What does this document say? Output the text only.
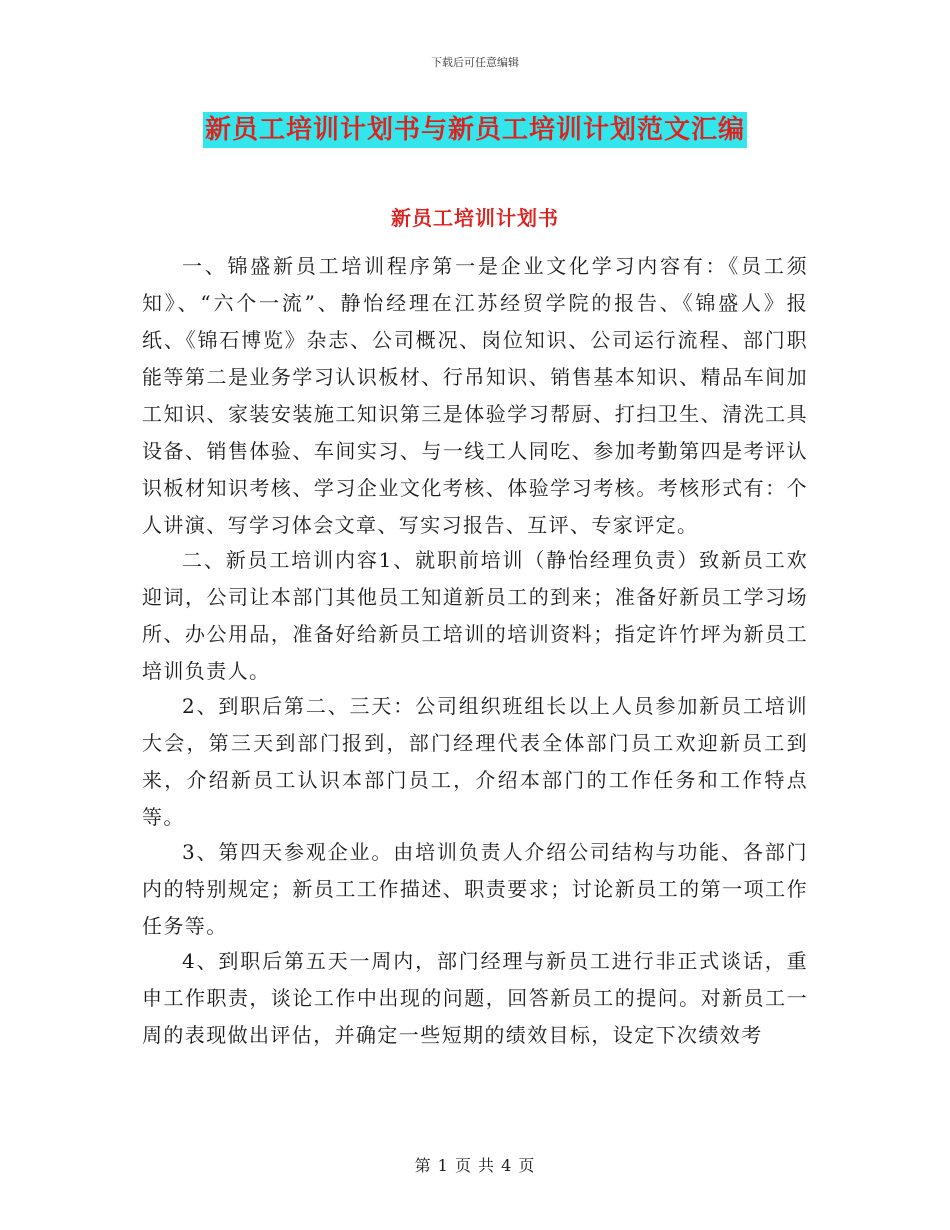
下载后可任意编辑
新员工培训计划书与新员工培训计划范文汇编
新员工培训计划书

一、锦盛新员工培训程序第一是企业文化学习内容有：《员工须知》、“六个一流”、静怡经理在江苏经贸学院的报告、《锦盛人》报纸、《锦石博览》杂志、公司概况、岗位知识、公司运行流程、部门职能等第二是业务学习认识板材、行吊知识、销售基本知识、精品车间加工知识、家装安装施工知识第三是体验学习帮厨、打扫卫生、清洗工具设备、销售体验、车间实习、与一线工人同吃、参加考勤第四是考评认识板材知识考核、学习企业文化考核、体验学习考核。考核形式有：个人讲演、写学习体会文章、写实习报告、互评、专家评定。

二、新员工培训内容1、就职前培训（静怡经理负责）致新员工欢迎词，公司让本部门其他员工知道新员工的到来；准备好新员工学习场所、办公用品，准备好给新员工培训的培训资料；指定许竹坪为新员工培训负责人。

2、到职后第二、三天：公司组织班组长以上人员参加新员工培训大会，第三天到部门报到，部门经理代表全体部门员工欢迎新员工到来，介绍新员工认识本部门员工，介绍本部门的工作任务和工作特点等。

3、第四天参观企业。由培训负责人介绍公司结构与功能、各部门内的特别规定；新员工工作描述、职责要求；讨论新员工的第一项工作任务等。

4、到职后第五天一周内，部门经理与新员工进行非正式谈话，重申工作职责，谈论工作中出现的问题，回答新员工的提问。对新员工一周的表现做出评估，并确定一些短期的绩效目标，设定下次绩效考

第 1 页 共 4 页
